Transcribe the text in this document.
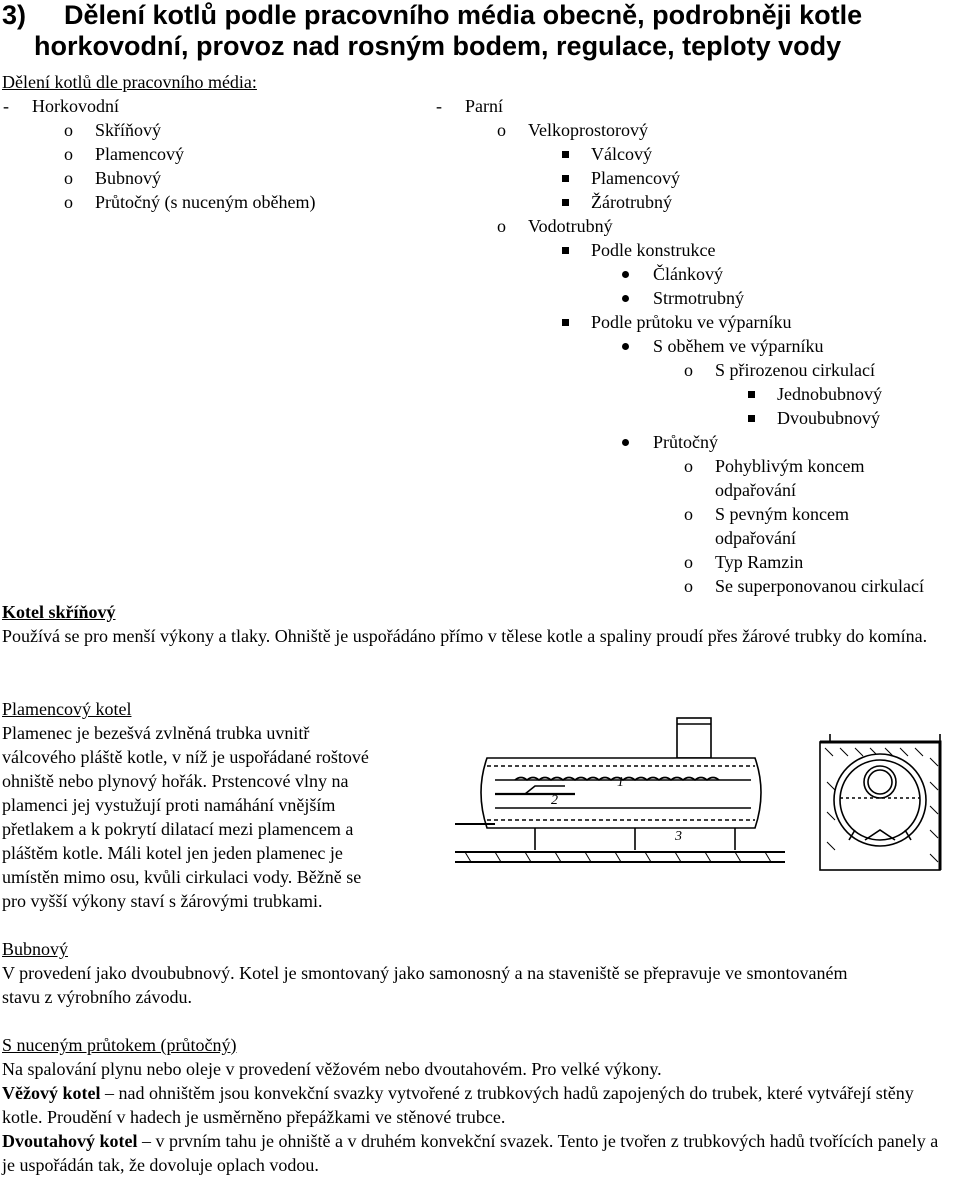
3) Dělení kotlů podle pracovního média obecně, podrobněji kotle
horkovodní, provoz nad rosným bodem, regulace, teploty vody
Dělení kotlů dle pracovního média:
- Horkovodní
o Skříňový
o Plamencový
o Bubnový
o Průtočný (s nuceným oběhem)
- Parní
o Velkoprostorový
Válcový
Plamencový
Žárotrubný
o Vodotrubný
Podle konstrukce
Článkový
Strmotrubný
Podle průtoku ve výparníku
S oběhem ve výparníku
o S přirozenou cirkulací
Jednobubnový
Dvoububnový
Průtočný
o Pohyblivým koncem
odpařování
o S pevným koncem
odpařování
o Typ Ramzin
o Se superponovanou cirkulací
Kotel skříňový
Používá se pro menší výkony a tlaky. Ohniště je uspořádáno přímo v tělese kotle a spaliny proudí přes žárové trubky do komína.
Plamencový kotel
Plamenec je bezešvá zvlněná trubka uvnitř
válcového pláště kotle, v níž je uspořádané roštové
ohniště nebo plynový hořák. Prstencové vlny na
plamenci jej vystužují proti namáhání vnějším
přetlakem a k pokrytí dilatací mezi plamencem a
pláštěm kotle. Máli kotel jen jeden plamenec je
umístěn mimo osu, kvůli cirkulaci vody. Běžně se
pro vyšší výkony staví s žárovými trubkami.
1
2
3
Bubnový
V provedení jako dvoububnový. Kotel je smontovaný jako samonosný a na staveniště se přepravuje ve smontovaném stavu z výrobního závodu.
S nuceným průtokem (průtočný)
Na spalování plynu nebo oleje v provedení věžovém nebo dvoutahovém. Pro velké výkony.
Věžový kotel – nad ohništěm jsou konvekční svazky vytvořené z trubkových hadů zapojených do trubek, které vytvářejí stěny kotle. Proudění v hadech je usměrněno přepážkami ve stěnové trubce.
Dvoutahový kotel – v prvním tahu je ohniště a v druhém konvekční svazek. Tento je tvořen z trubkových hadů tvořících panely a je uspořádán tak, že dovoluje oplach vodou.
